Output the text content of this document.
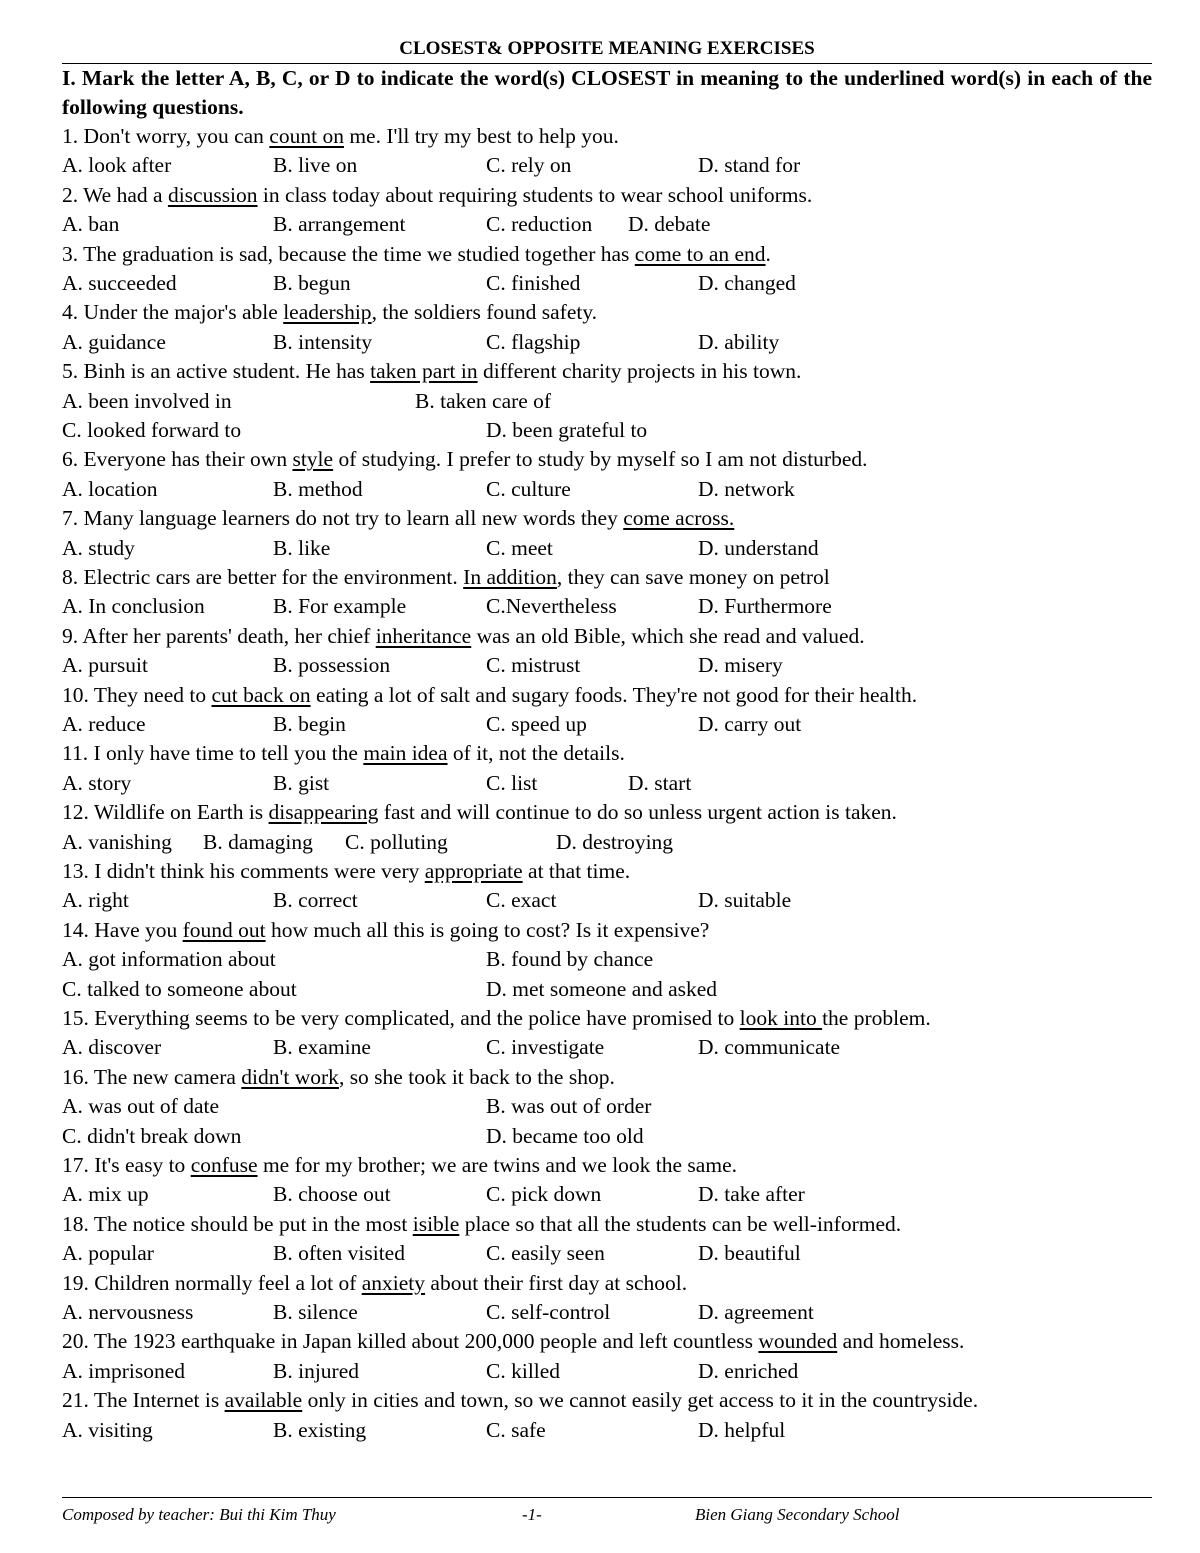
CLOSEST& OPPOSITE MEANING EXERCISES
I. Mark the letter A, B, C, or D to indicate the word(s) CLOSEST in meaning to the underlined word(s) in each of the following questions.
1. Don't worry, you can count on me. I'll try my best to help you.
A. look after	B. live on	C. rely on	D. stand for
2. We had a discussion in class today about requiring students to wear school uniforms.
A. ban	B. arrangement	C. reduction D. debate
3. The graduation is sad, because the time we studied together has come to an end.
A. succeeded	B. begun	C. finished	D. changed
4. Under the major's able leadership, the soldiers found safety.
A. guidance	B. intensity	C. flagship	D. ability
5. Binh is an active student. He has taken part in different charity projects in his town.
A. been involved in	B. taken care of
C. looked forward to	D. been grateful to
6. Everyone has their own style of studying. I prefer to study by myself so I am not disturbed.
A. location	B. method	C. culture	D. network
7. Many language learners do not try to learn all new words they come across.
A. study	B. like	C. meet	D. understand
8. Electric cars are better for the environment. In addition, they can save money on petrol
A. In conclusion	B. For example	C.Nevertheless	D. Furthermore
9. After her parents' death, her chief inheritance was an old Bible, which she read and valued.
A. pursuit	B. possession	C. mistrust	D. misery
10. They need to cut back on eating a lot of salt and sugary foods. They're not good for their health.
A. reduce	B. begin	C. speed up	D. carry out
11. I only have time to tell you the main idea of it, not the details.
A. story	B. gist	C. list	D. start
12. Wildlife on Earth is disappearing fast and will continue to do so unless urgent action is taken.
A. vanishing B. damaging C. polluting	D. destroying
13. I didn't think his comments were very appropriate at that time.
A. right	B. correct	C. exact	D. suitable
14. Have you found out how much all this is going to cost? Is it expensive?
A. got information about	B. found by chance
C. talked to someone about	D. met someone and asked
15. Everything seems to be very complicated, and the police have promised to look into the problem.
A. discover	B. examine	C. investigate	D. communicate
16. The new camera didn't work, so she took it back to the shop.
A. was out of date	B. was out of order
C. didn't break down	D. became too old
17. It's easy to confuse me for my brother; we are twins and we look the same.
A. mix up	B. choose out	C. pick down	D. take after
18. The notice should be put in the most isible place so that all the students can be well-informed.
A. popular	B. often visited	C. easily seen	D. beautiful
19. Children normally feel a lot of anxiety about their first day at school.
A. nervousness	B. silence	C. self-control	D. agreement
20. The 1923 earthquake in Japan killed about 200,000 people and left countless wounded and homeless.
A. imprisoned	B. injured	C. killed	D. enriched
21. The Internet is available only in cities and town, so we cannot easily get access to it in the countryside.
A. visiting	B. existing	C. safe	D. helpful
Composed by teacher: Bui thi Kim Thuy	-1-	Bien Giang Secondary School
